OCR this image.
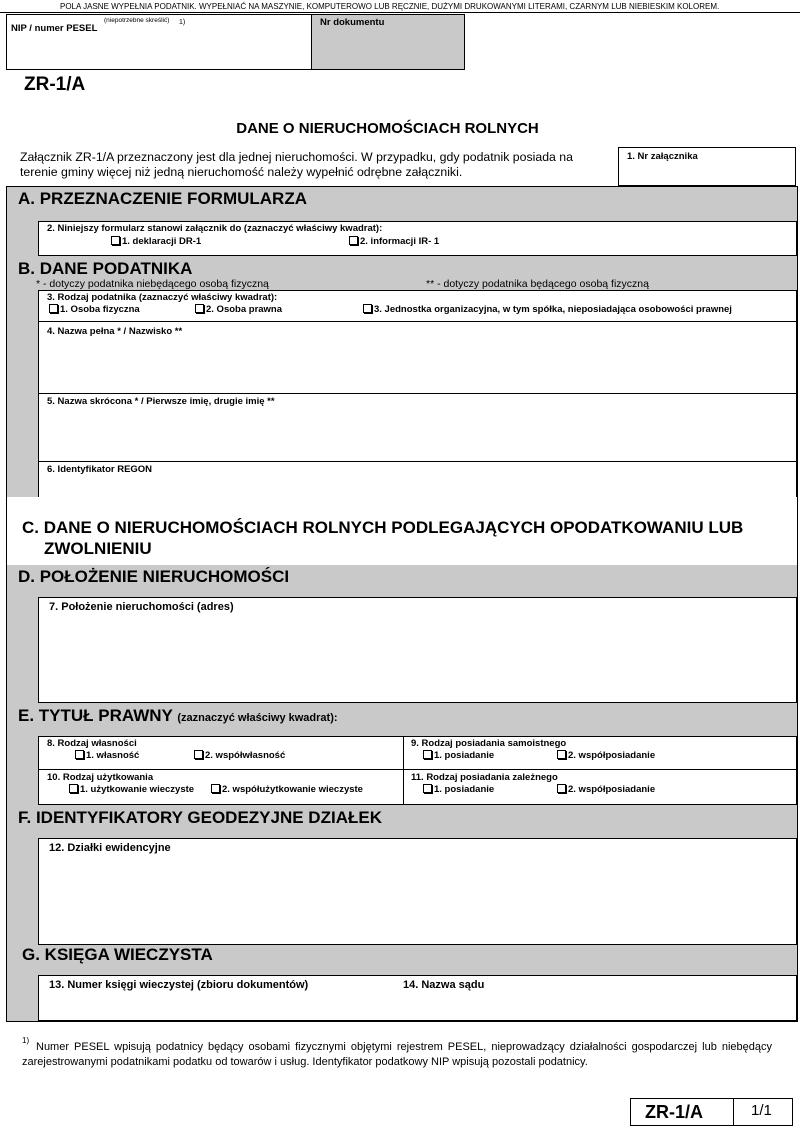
POLA JASNE WYPEŁNIA PODATNIK. WYPEŁNIAĆ NA MASZYNIE, KOMPUTEROWO LUB RĘCZNIE, DUŻYMI DRUKOWANYMI LITERAMI, CZARNYM LUB NIEBIESKIM KOLOREM.
NIP / numer PESEL
(niepotrzebne skreślić) 1)	Nr dokumentu
ZR-1/A
DANE O NIERUCHOMOŚCIACH ROLNYCH
Załącznik ZR-1/A przeznaczony jest dla jednej nieruchomości. W przypadku, gdy podatnik posiada na terenie gminy więcej niż jedną nieruchomość należy wypełnić odrębne załączniki.
1. Nr załącznika
A. PRZEZNACZENIE FORMULARZA
2. Niniejszy formularz stanowi załącznik do (zaznaczyć właściwy kwadrat):
1. deklaracji DR-1	2. informacji IR- 1
B. DANE PODATNIKA
* - dotyczy podatnika niebędącego osobą fizyczną	** - dotyczy podatnika będącego osobą fizyczną
3. Rodzaj podatnika (zaznaczyć właściwy kwadrat):
1. Osoba fizyczna	2. Osoba prawna	3. Jednostka organizacyjna, w tym spółka, nieposiadająca osobowości prawnej
4. Nazwa pełna * / Nazwisko **
5. Nazwa skrócona * / Pierwsze imię, drugie imię **
6. Identyfikator REGON
C. DANE O NIERUCHOMOŚCIACH ROLNYCH PODLEGAJĄCYCH OPODATKOWANIU LUB
ZWOLNIENIU
D. POŁOŻENIE NIERUCHOMOŚCI
7. Położenie nieruchomości (adres)
E. TYTUŁ PRAWNY (zaznaczyć właściwy kwadrat):
8. Rodzaj własności
1. własność	2. współwłasność
9. Rodzaj posiadania samoistnego
1. posiadanie	2. współposiadanie
10. Rodzaj użytkowania
1. użytkowanie wieczyste	2. współużytkowanie wieczyste
11. Rodzaj posiadania zależnego
1. posiadanie	2. współposiadanie
F. IDENTYFIKATORY GEODEZYJNE DZIAŁEK
12. Działki ewidencyjne
G. KSIĘGA WIECZYSTA
13. Numer księgi wieczystej (zbioru dokumentów)	14. Nazwa sądu
1)
Numer PESEL wpisują podatnicy będący osobami fizycznymi objętymi rejestrem PESEL, nieprowadzący działalności gospodarczej lub niebędący zarejestrowanymi podatnikami podatku od towarów i usług. Identyfikator podatkowy NIP wpisują pozostali podatnicy.
ZR-1/A	1/1
